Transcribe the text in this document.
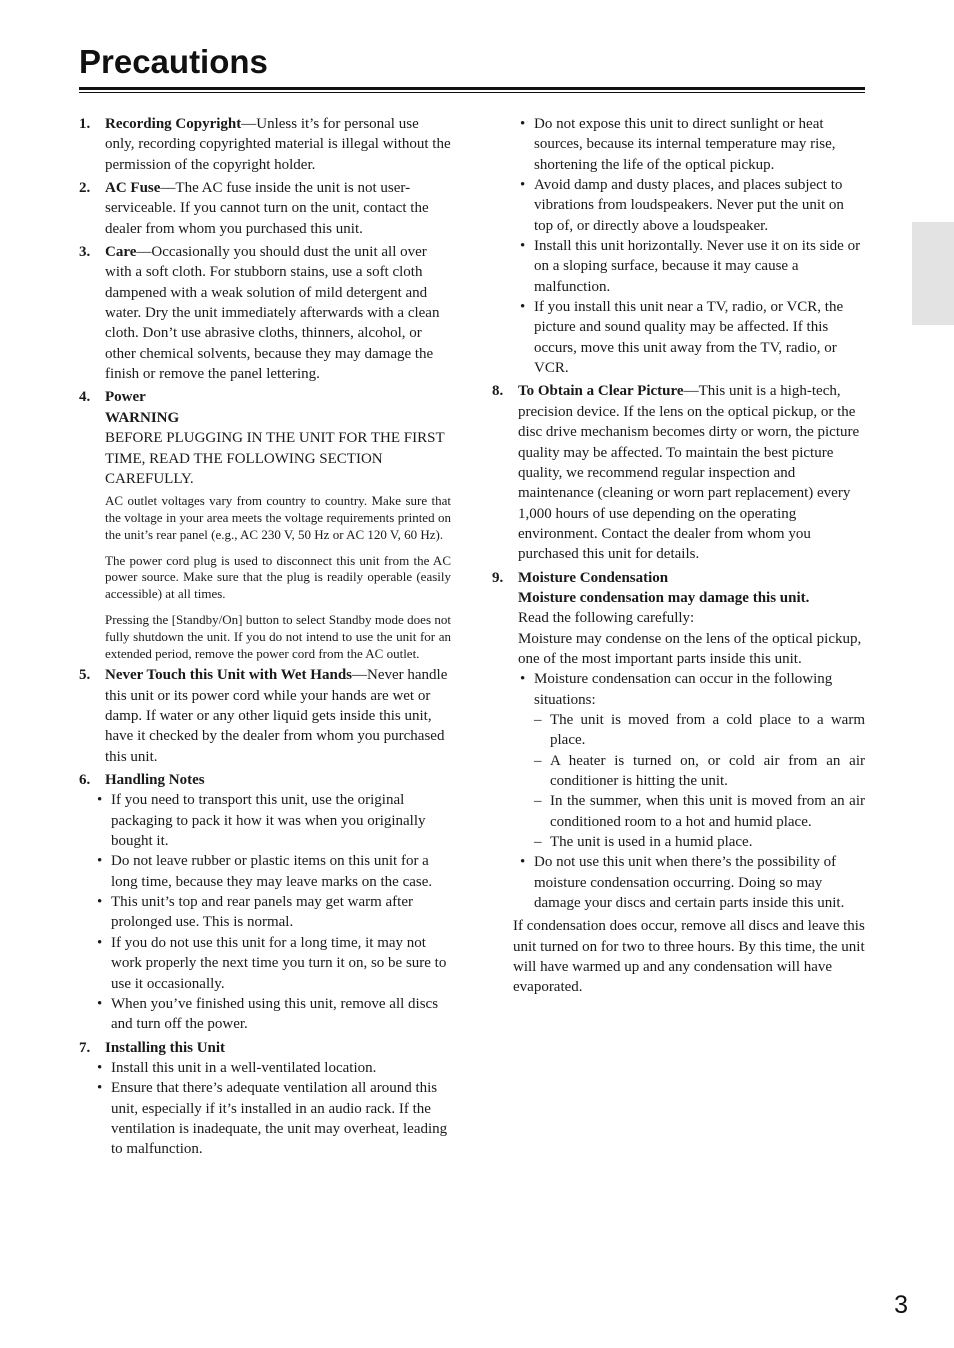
Precautions
1. Recording Copyright—Unless it’s for personal use only, recording copyrighted material is illegal without the permission of the copyright holder.
2. AC Fuse—The AC fuse inside the unit is not user-serviceable. If you cannot turn on the unit, contact the dealer from whom you purchased this unit.
3. Care—Occasionally you should dust the unit all over with a soft cloth. For stubborn stains, use a soft cloth dampened with a weak solution of mild detergent and water. Dry the unit immediately afterwards with a clean cloth. Don’t use abrasive cloths, thinners, alcohol, or other chemical solvents, because they may damage the finish or remove the panel lettering.
4. Power
WARNING
BEFORE PLUGGING IN THE UNIT FOR THE FIRST TIME, READ THE FOLLOWING SECTION CAREFULLY.
AC outlet voltages vary from country to country. Make sure that the voltage in your area meets the voltage requirements printed on the unit’s rear panel (e.g., AC 230 V, 50 Hz or AC 120 V, 60 Hz).
The power cord plug is used to disconnect this unit from the AC power source. Make sure that the plug is readily operable (easily accessible) at all times.
Pressing the [Standby/On] button to select Standby mode does not fully shutdown the unit. If you do not intend to use the unit for an extended period, remove the power cord from the AC outlet.
5. Never Touch this Unit with Wet Hands—Never handle this unit or its power cord while your hands are wet or damp. If water or any other liquid gets inside this unit, have it checked by the dealer from whom you purchased this unit.
6. Handling Notes
• If you need to transport this unit, use the original packaging to pack it how it was when you originally bought it.
• Do not leave rubber or plastic items on this unit for a long time, because they may leave marks on the case.
• This unit’s top and rear panels may get warm after prolonged use. This is normal.
• If you do not use this unit for a long time, it may not work properly the next time you turn it on, so be sure to use it occasionally.
• When you’ve finished using this unit, remove all discs and turn off the power.
7. Installing this Unit
• Install this unit in a well-ventilated location.
• Ensure that there’s adequate ventilation all around this unit, especially if it’s installed in an audio rack. If the ventilation is inadequate, the unit may overheat, leading to malfunction.
• Do not expose this unit to direct sunlight or heat sources, because its internal temperature may rise, shortening the life of the optical pickup.
• Avoid damp and dusty places, and places subject to vibrations from loudspeakers. Never put the unit on top of, or directly above a loudspeaker.
• Install this unit horizontally. Never use it on its side or on a sloping surface, because it may cause a malfunction.
• If you install this unit near a TV, radio, or VCR, the picture and sound quality may be affected. If this occurs, move this unit away from the TV, radio, or VCR.
8. To Obtain a Clear Picture—This unit is a high-tech, precision device. If the lens on the optical pickup, or the disc drive mechanism becomes dirty or worn, the picture quality may be affected. To maintain the best picture quality, we recommend regular inspection and maintenance (cleaning or worn part replacement) every 1,000 hours of use depending on the operating environment. Contact the dealer from whom you purchased this unit for details.
9. Moisture Condensation
Moisture condensation may damage this unit.
Read the following carefully:
Moisture may condense on the lens of the optical pickup, one of the most important parts inside this unit.
• Moisture condensation can occur in the following situations:
– The unit is moved from a cold place to a warm place.
– A heater is turned on, or cold air from an air conditioner is hitting the unit.
– In the summer, when this unit is moved from an air conditioned room to a hot and humid place.
– The unit is used in a humid place.
• Do not use this unit when there’s the possibility of moisture condensation occurring. Doing so may damage your discs and certain parts inside this unit.
If condensation does occur, remove all discs and leave this unit turned on for two to three hours. By this time, the unit will have warmed up and any condensation will have evaporated.
3
